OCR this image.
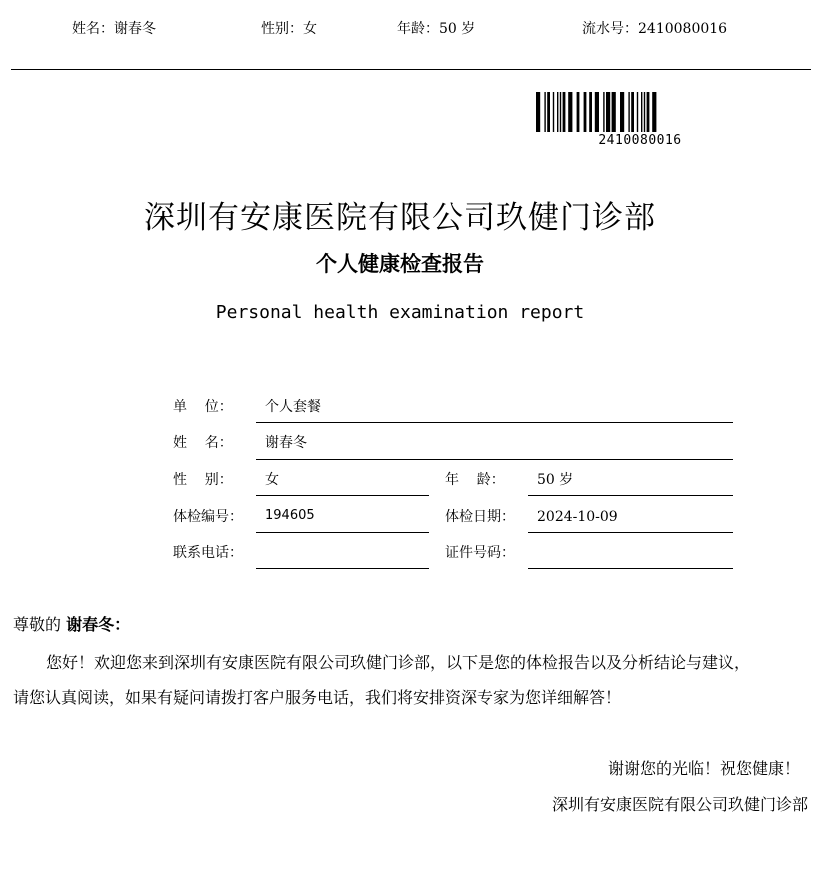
姓名：谢春冬	性别：女	年龄：50 岁	流水号：2410080016
2410080016
深圳有安康医院有限公司玖健门诊部
个人健康检查报告
Personal health examination report
单    位： 个人套餐
姓    名： 谢春冬
性    别： 女	年    龄： 50 岁
体检编号： 194605	体检日期： 2024-10-09
联系电话：	证件号码：
尊敬的 谢春冬：
您好！欢迎您来到深圳有安康医院有限公司玖健门诊部，以下是您的体检报告以及分析结论与建议，
请您认真阅读，如果有疑问请拨打客户服务电话，我们将安排资深专家为您详细解答！
谢谢您的光临！祝您健康！
深圳有安康医院有限公司玖健门诊部
